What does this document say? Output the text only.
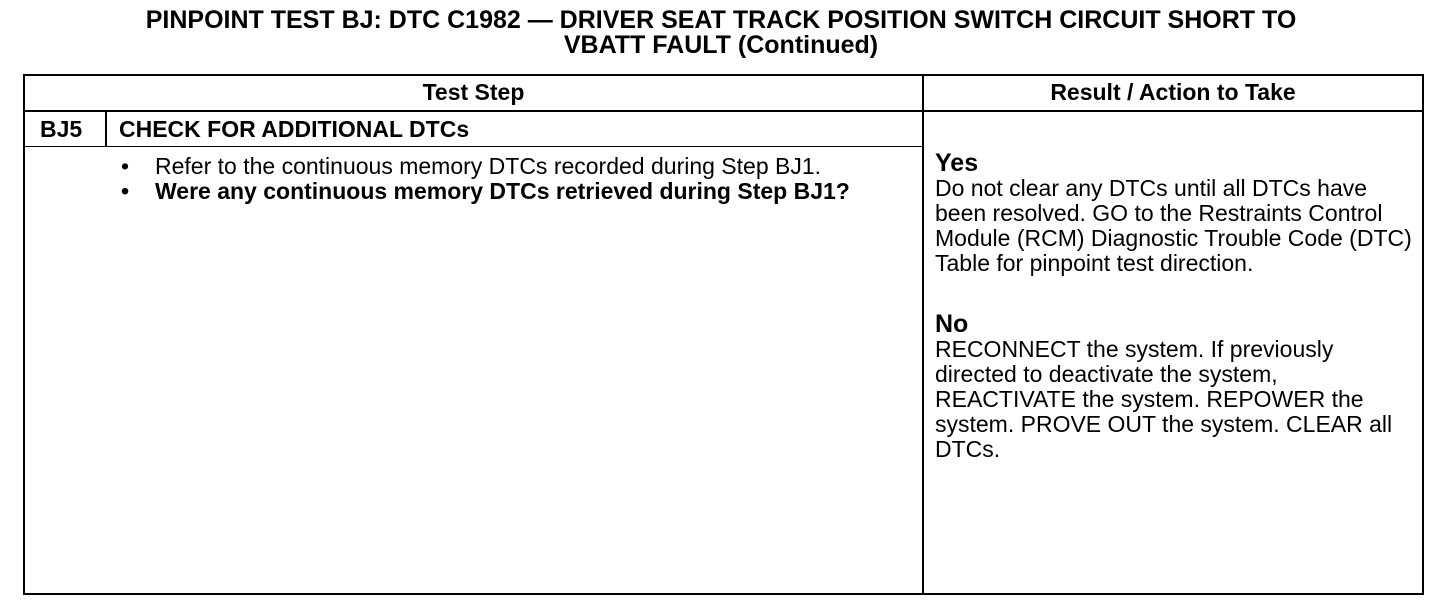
PINPOINT TEST BJ: DTC C1982 — DRIVER SEAT TRACK POSITION SWITCH CIRCUIT SHORT TO
VBATT FAULT (Continued)
Test Step	Result / Action to Take
BJ5	CHECK FOR ADDITIONAL DTCs
• Refer to the continuous memory DTCs recorded during Step BJ1.
• Were any continuous memory DTCs retrieved during Step BJ1?
Yes
Do not clear any DTCs until all DTCs have been resolved. GO to the Restraints Control Module (RCM) Diagnostic Trouble Code (DTC) Table for pinpoint test direction.
No
RECONNECT the system. If previously directed to deactivate the system, REACTIVATE the system. REPOWER the system. PROVE OUT the system. CLEAR all DTCs.
